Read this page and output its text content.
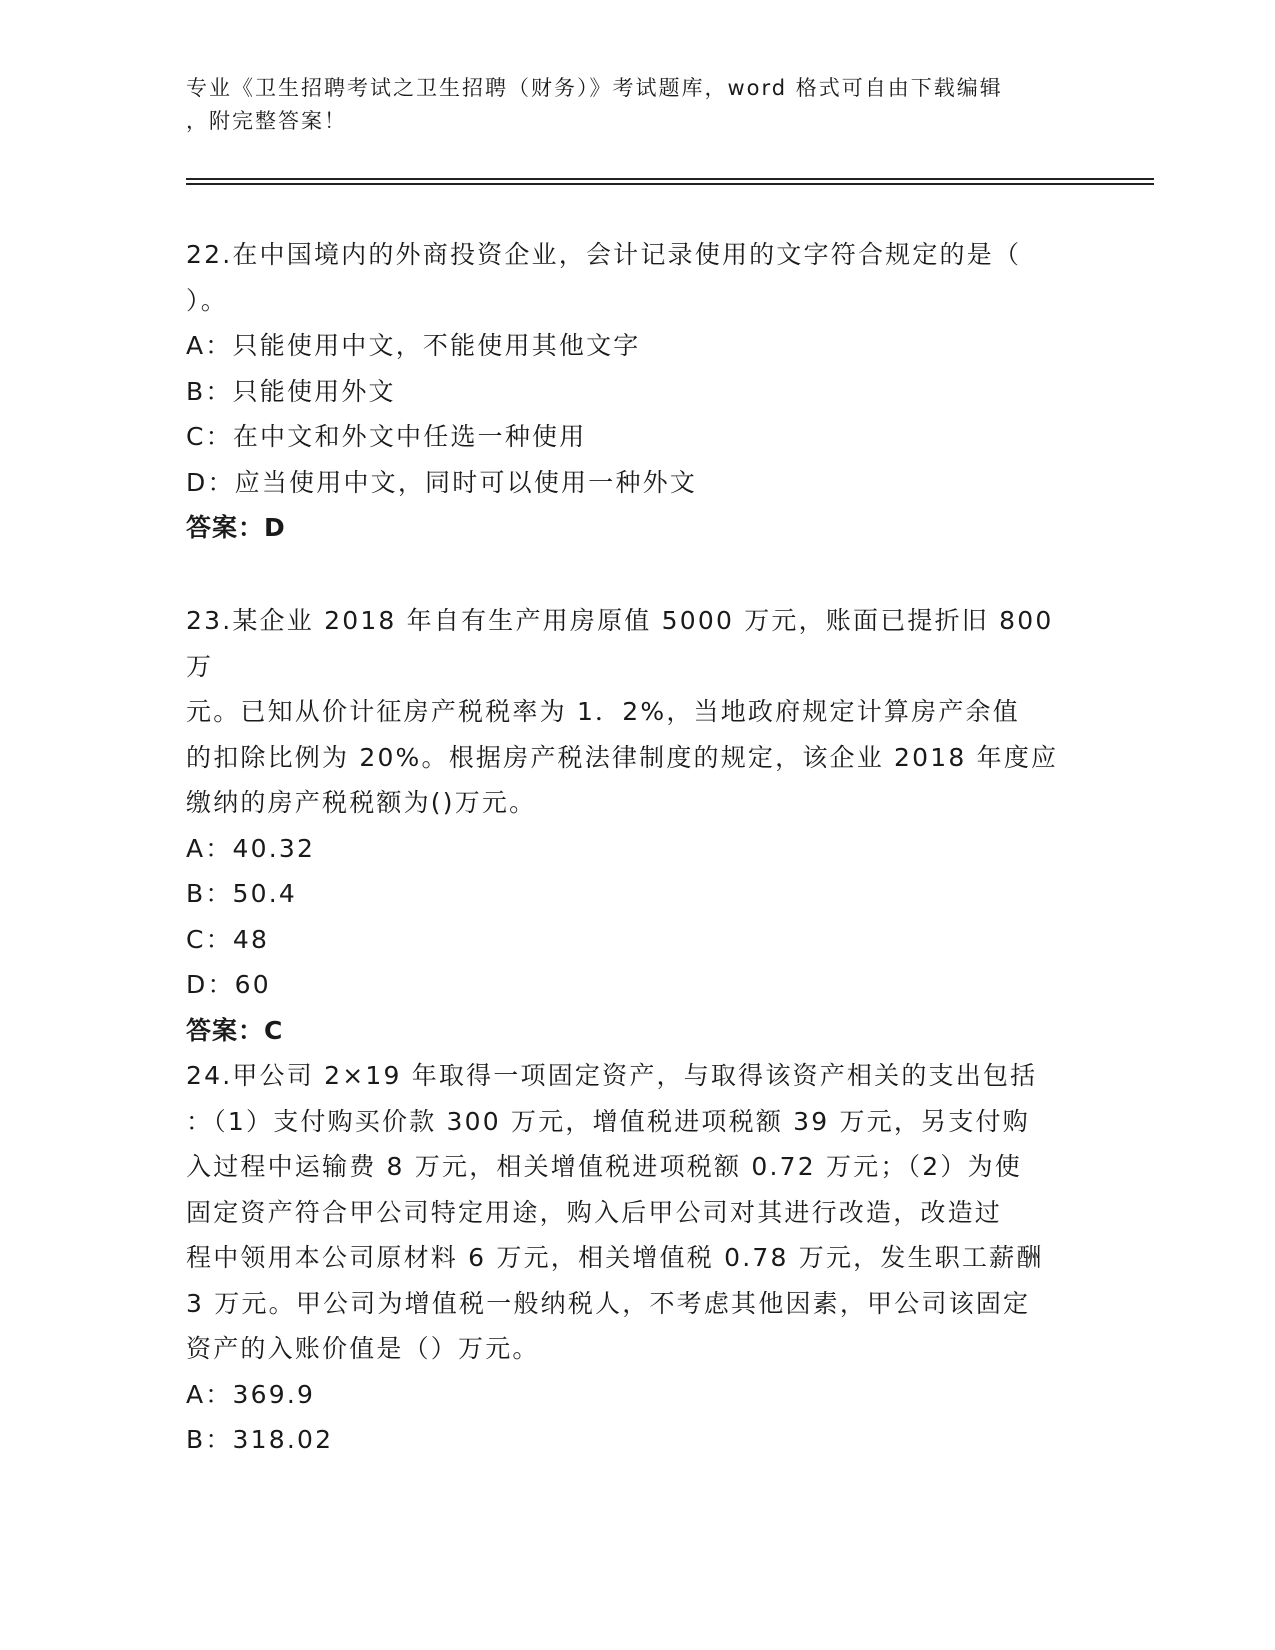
专业《卫生招聘考试之卫生招聘（财务）》考试题库，word 格式可自由下载编辑
，附完整答案！
22.在中国境内的外商投资企业，会计记录使用的文字符合规定的是（
）。
A：只能使用中文，不能使用其他文字
B：只能使用外文
C：在中文和外文中任选一种使用
D：应当使用中文，同时可以使用一种外文
答案：D
23.某企业 2018 年自有生产用房原值 5000 万元，账面已提折旧 800 万
元。已知从价计征房产税税率为 1．2%，当地政府规定计算房产余值
的扣除比例为 20%。根据房产税法律制度的规定，该企业 2018 年度应
缴纳的房产税税额为()万元。
A：40.32
B：50.4
C：48
D：60
答案：C
24.甲公司 2×19 年取得一项固定资产，与取得该资产相关的支出包括
：（1）支付购买价款 300 万元，增值税进项税额 39 万元，另支付购
入过程中运输费 8 万元，相关增值税进项税额 0.72 万元；（2）为使
固定资产符合甲公司特定用途，购入后甲公司对其进行改造，改造过
程中领用本公司原材料 6 万元，相关增值税 0.78 万元，发生职工薪酬
3 万元。甲公司为增值税一般纳税人，不考虑其他因素，甲公司该固定
资产的入账价值是（）万元。
A：369.9
B：318.02
